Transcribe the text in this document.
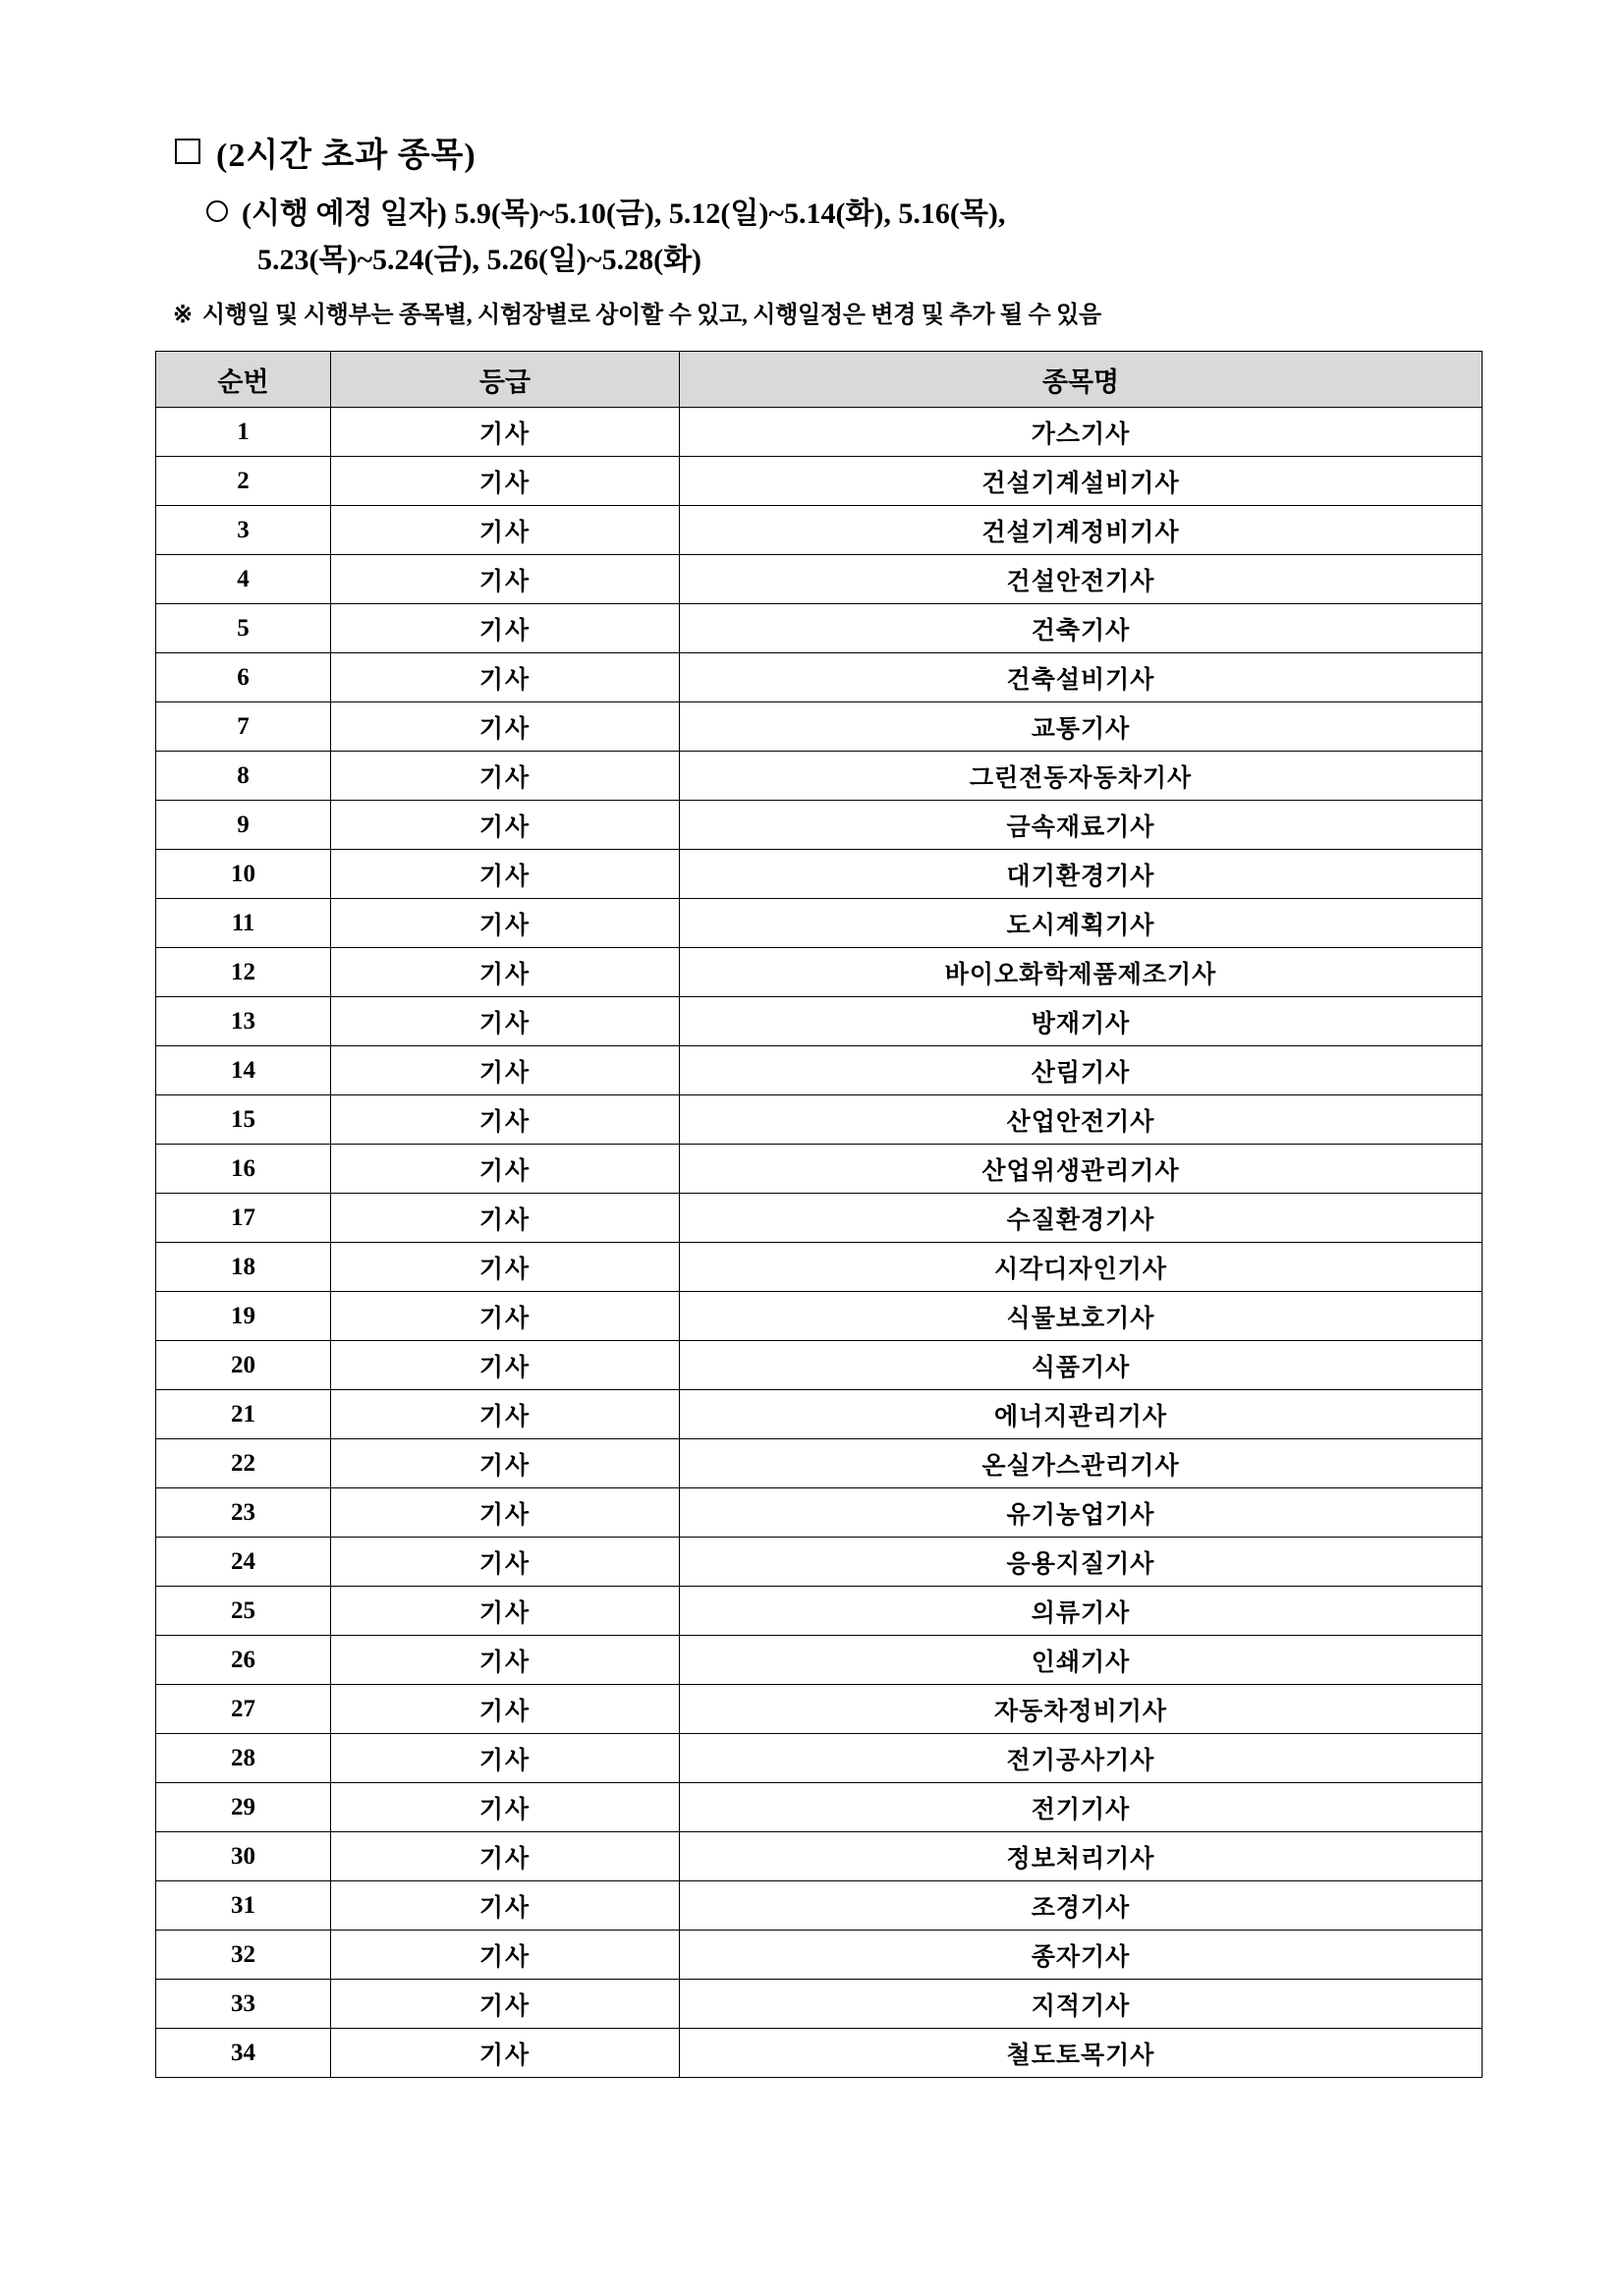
(2시간 초과 종목)

(시행 예정 일자) 5.9(목)~5.10(금), 5.12(일)~5.14(화), 5.16(목),

5.23(목)~5.24(금), 5.26(일)~5.28(화)

※ 시행일 및 시행부는 종목별, 시험장별로 상이할 수 있고, 시행일정은 변경 및 추가 될 수 있음

순번	등급	종목명
1	기사	가스기사
2	기사	건설기계설비기사
3	기사	건설기계정비기사
4	기사	건설안전기사
5	기사	건축기사
6	기사	건축설비기사
7	기사	교통기사
8	기사	그린전동자동차기사
9	기사	금속재료기사
10	기사	대기환경기사
11	기사	도시계획기사
12	기사	바이오화학제품제조기사
13	기사	방재기사
14	기사	산림기사
15	기사	산업안전기사
16	기사	산업위생관리기사
17	기사	수질환경기사
18	기사	시각디자인기사
19	기사	식물보호기사
20	기사	식품기사
21	기사	에너지관리기사
22	기사	온실가스관리기사
23	기사	유기농업기사
24	기사	응용지질기사
25	기사	의류기사
26	기사	인쇄기사
27	기사	자동차정비기사
28	기사	전기공사기사
29	기사	전기기사
30	기사	정보처리기사
31	기사	조경기사
32	기사	종자기사
33	기사	지적기사
34	기사	철도토목기사
